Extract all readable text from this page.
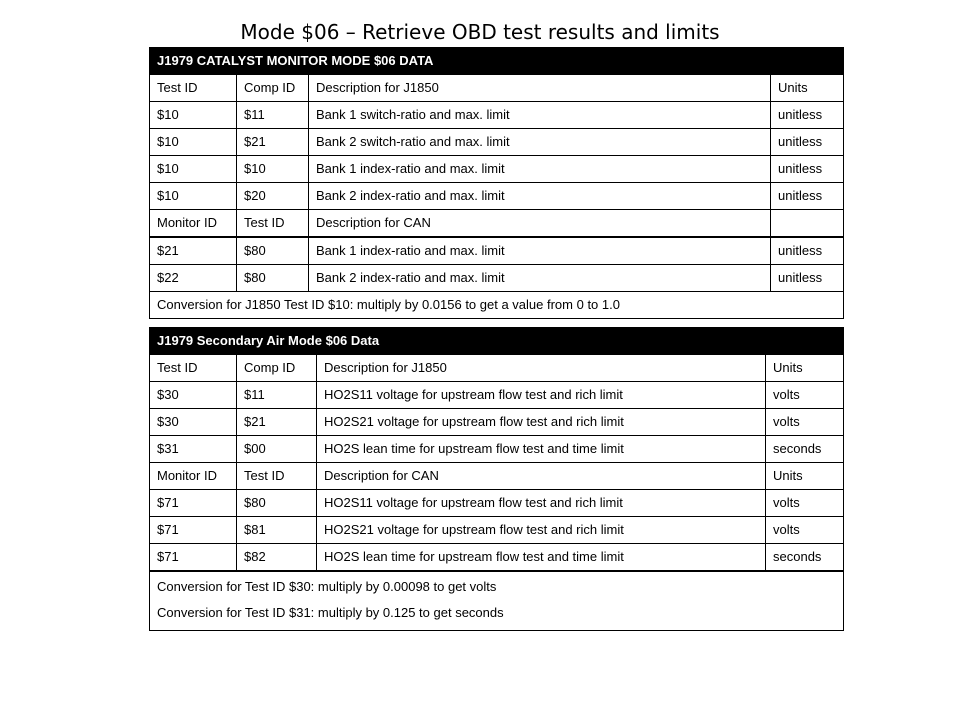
Mode $06 – Retrieve OBD test results and limits
J1979 CATALYST MONITOR MODE $06 DATA			
Test ID	Comp ID	Description for J1850	Units
$10	$11	Bank 1 switch-ratio and max. limit	unitless
$10	$21	Bank 2 switch-ratio and max. limit	unitless
$10	$10	Bank 1 index-ratio and max. limit	unitless
$10	$20	Bank 2 index-ratio and max. limit	unitless
Monitor ID	Test ID	Description for CAN	
$21	$80	Bank 1 index-ratio and max. limit	unitless
$22	$80	Bank 2 index-ratio and max. limit	unitless
Conversion for J1850 Test ID $10: multiply by 0.0156 to get a value from 0 to 1.0			
J1979 Secondary Air Mode $06 Data			
Test ID	Comp ID	Description for J1850	Units
$30	$11	HO2S11 voltage for upstream flow test and rich limit	volts
$30	$21	HO2S21 voltage for upstream flow test and rich limit	volts
$31	$00	HO2S lean time for upstream flow test and time limit	seconds
Monitor ID	Test ID	Description for CAN	Units
$71	$80	HO2S11 voltage for upstream flow test and rich limit	volts
$71	$81	HO2S21 voltage for upstream flow test and rich limit	volts
$71	$82	HO2S lean time for upstream flow test and time limit	seconds

Conversion for Test ID $30: multiply by 0.00098 to get volts
Conversion for Test ID $31: multiply by 0.125 to get seconds			
